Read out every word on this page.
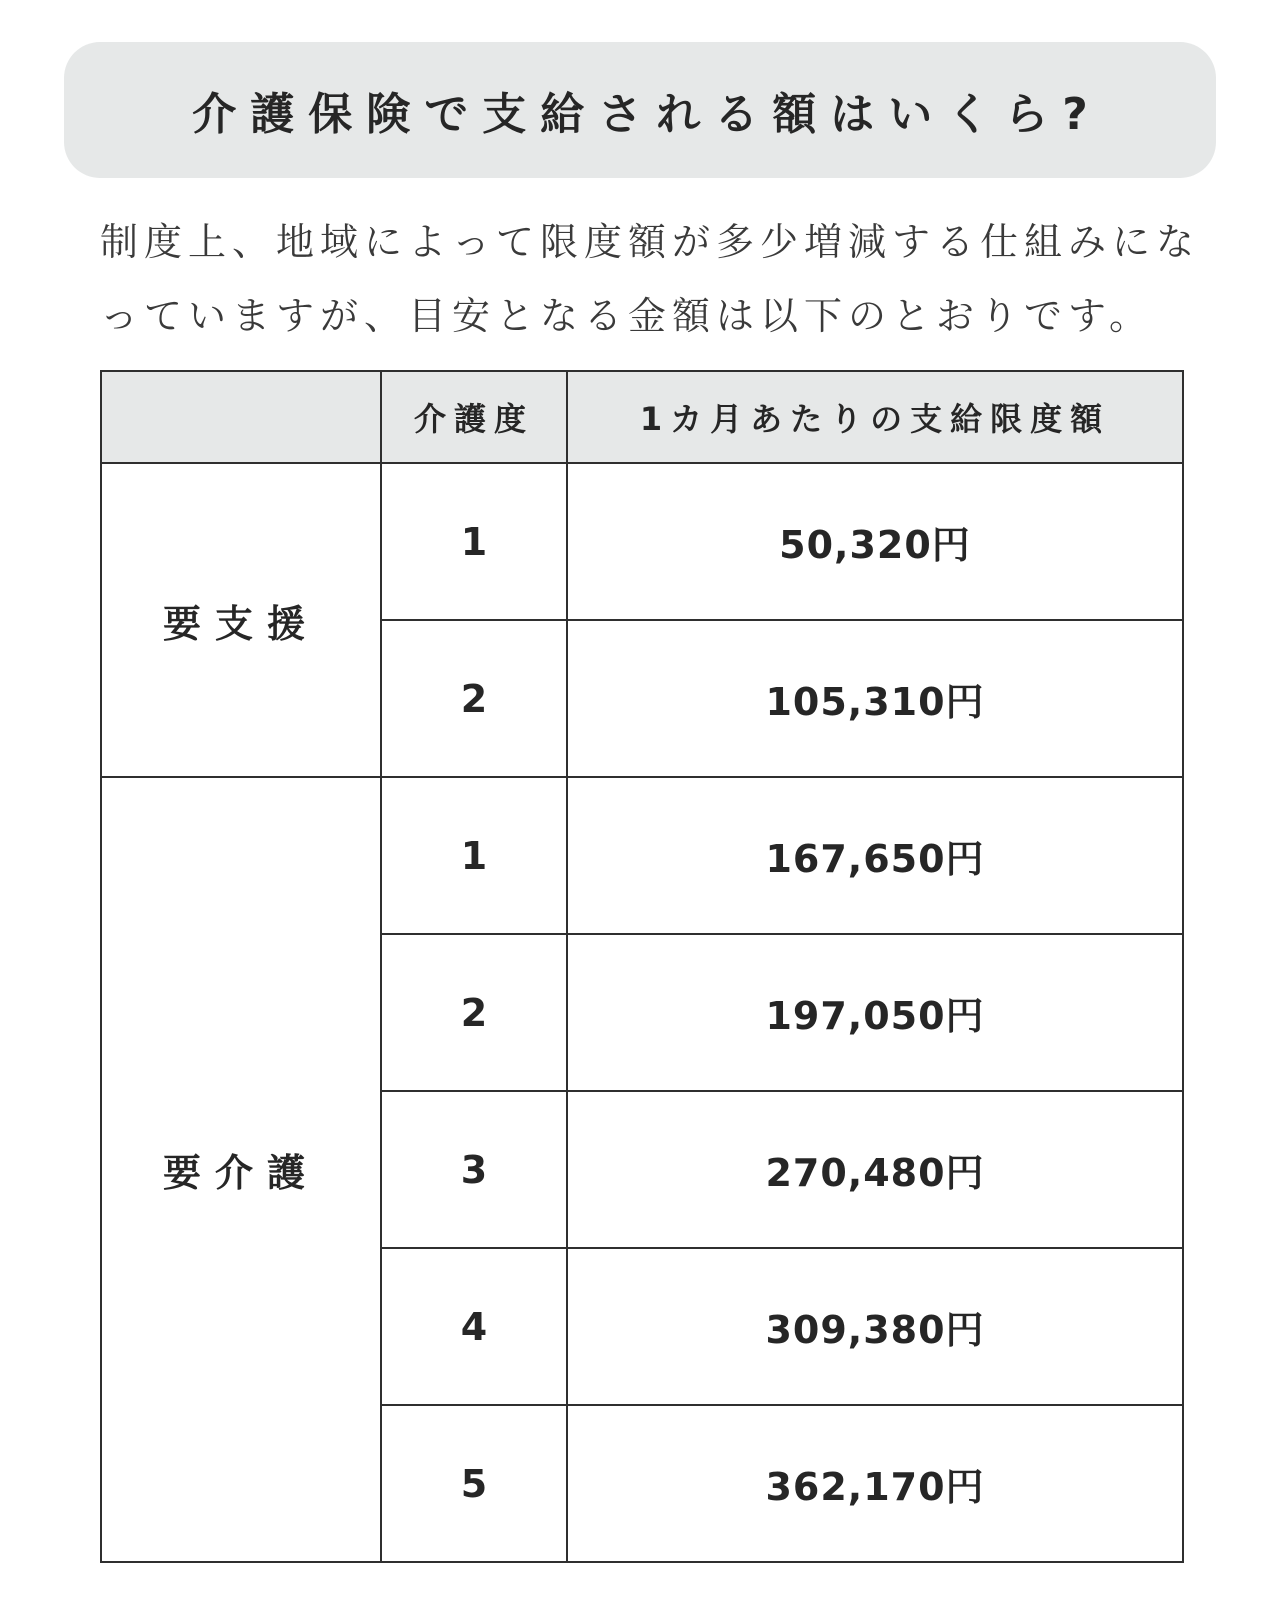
介護保険で支給される額はいくら?

制度上、地域によって限度額が多少増減する仕組みになっていますが、目安となる金額は以下のとおりです。

	介護度	1カ月あたりの支給限度額
要支援	1	50,320円
	2	105,310円
要介護	1	167,650円
	2	197,050円
	3	270,480円
	4	309,380円
	5	362,170円
